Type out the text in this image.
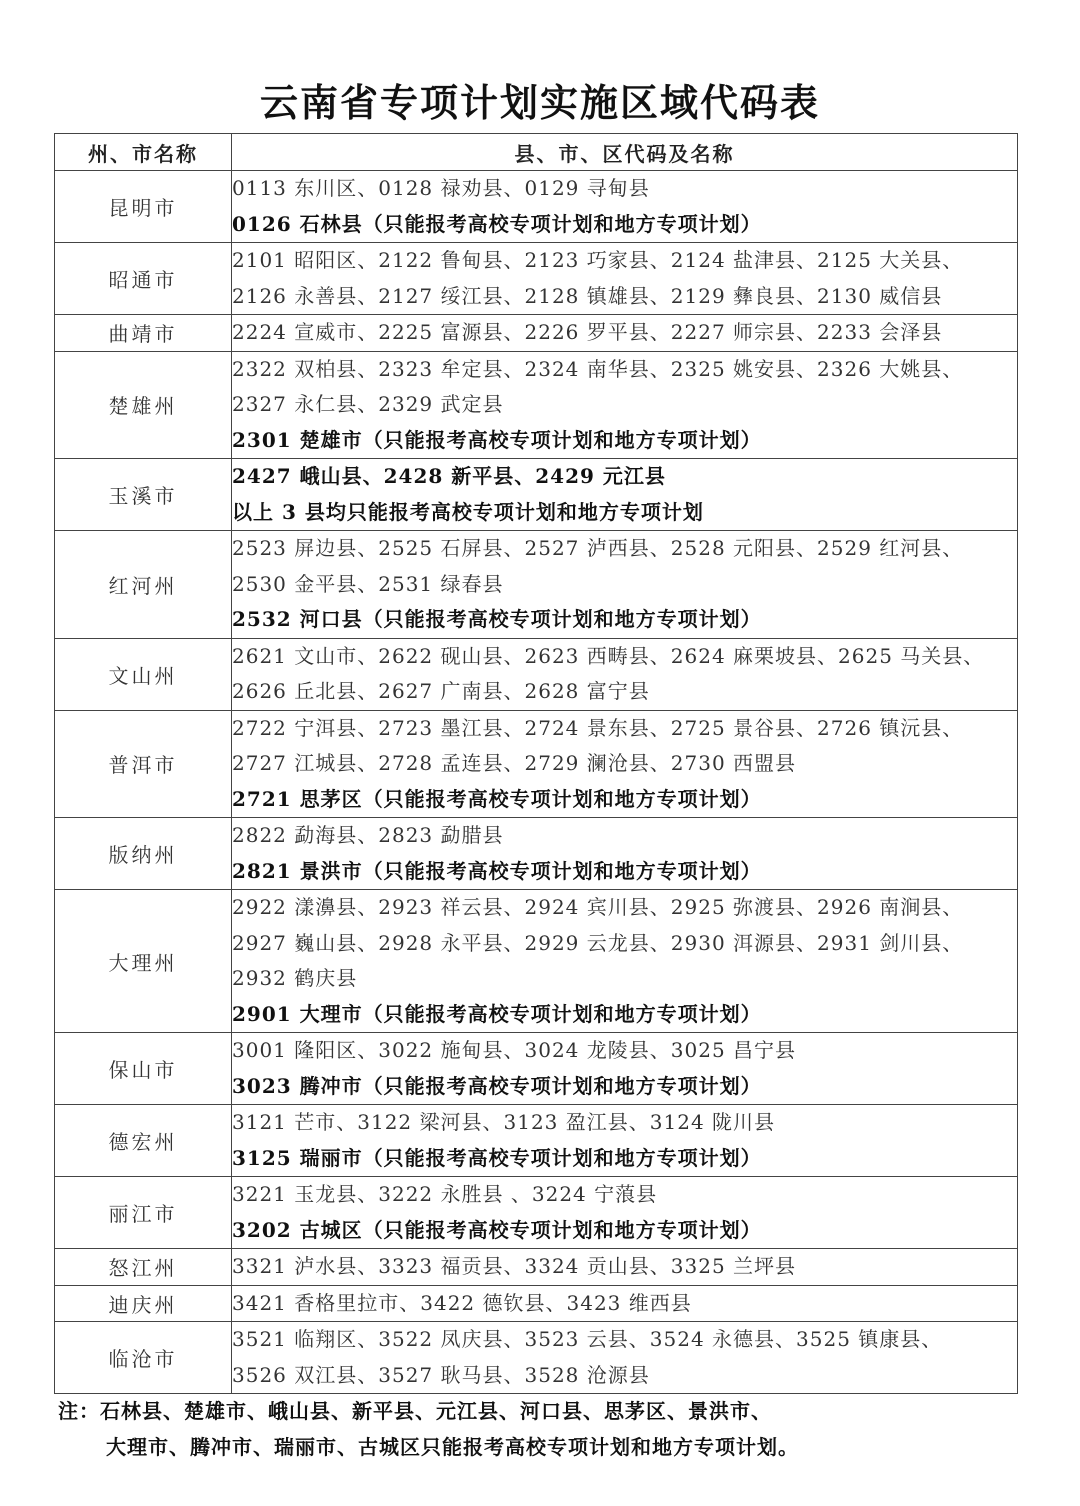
云南省专项计划实施区域代码表
州、市名称	县、市、区代码及名称
昆明市	0113 东川区、0128 禄劝县、0129 寻甸县
0126 石林县（只能报考高校专项计划和地方专项计划）

昭通市	2101 昭阳区、2122 鲁甸县、2123 巧家县、2124 盐津县、2125 大关县、
2126 永善县、2127 绥江县、2128 镇雄县、2129 彝良县、2130 威信县

曲靖市	2224 宣威市、2225 富源县、2226 罗平县、2227 师宗县、2233 会泽县

楚雄州	2322 双柏县、2323 牟定县、2324 南华县、2325 姚安县、2326 大姚县、
2327 永仁县、2329 武定县
2301 楚雄市（只能报考高校专项计划和地方专项计划）

玉溪市	2427 峨山县、2428 新平县、2429 元江县
以上 3 县均只能报考高校专项计划和地方专项计划

红河州	2523 屏边县、2525 石屏县、2527 泸西县、2528 元阳县、2529 红河县、
2530 金平县、2531 绿春县
2532 河口县（只能报考高校专项计划和地方专项计划）

文山州	2621 文山市、2622 砚山县、2623 西畴县、2624 麻栗坡县、2625 马关县、
2626 丘北县、2627 广南县、2628 富宁县

普洱市	2722 宁洱县、2723 墨江县、2724 景东县、2725 景谷县、2726 镇沅县、
2727 江城县、2728 孟连县、2729 澜沧县、2730 西盟县
2721 思茅区（只能报考高校专项计划和地方专项计划）

版纳州	2822 勐海县、2823 勐腊县
2821 景洪市（只能报考高校专项计划和地方专项计划）

大理州	2922 漾濞县、2923 祥云县、2924 宾川县、2925 弥渡县、2926 南涧县、
2927 巍山县、2928 永平县、2929 云龙县、2930 洱源县、2931 剑川县、
2932 鹤庆县
2901 大理市（只能报考高校专项计划和地方专项计划）

保山市	3001 隆阳区、3022 施甸县、3024 龙陵县、3025 昌宁县
3023 腾冲市（只能报考高校专项计划和地方专项计划）

德宏州	3121 芒市、3122 梁河县、3123 盈江县、3124 陇川县
3125 瑞丽市（只能报考高校专项计划和地方专项计划）

丽江市	3221 玉龙县、3222 永胜县 、3224 宁蒗县
3202 古城区（只能报考高校专项计划和地方专项计划）

怒江州	3321 泸水县、3323 福贡县、3324 贡山县、3325 兰坪县

迪庆州	3421 香格里拉市、3422 德钦县、3423 维西县

临沧市	3521 临翔区、3522 凤庆县、3523 云县、3524 永德县、3525 镇康县、
3526 双江县、3527 耿马县、3528 沧源县
注：石林县、楚雄市、峨山县、新平县、元江县、河口县、思茅区、景洪市、
大理市、腾冲市、瑞丽市、古城区只能报考高校专项计划和地方专项计划。
